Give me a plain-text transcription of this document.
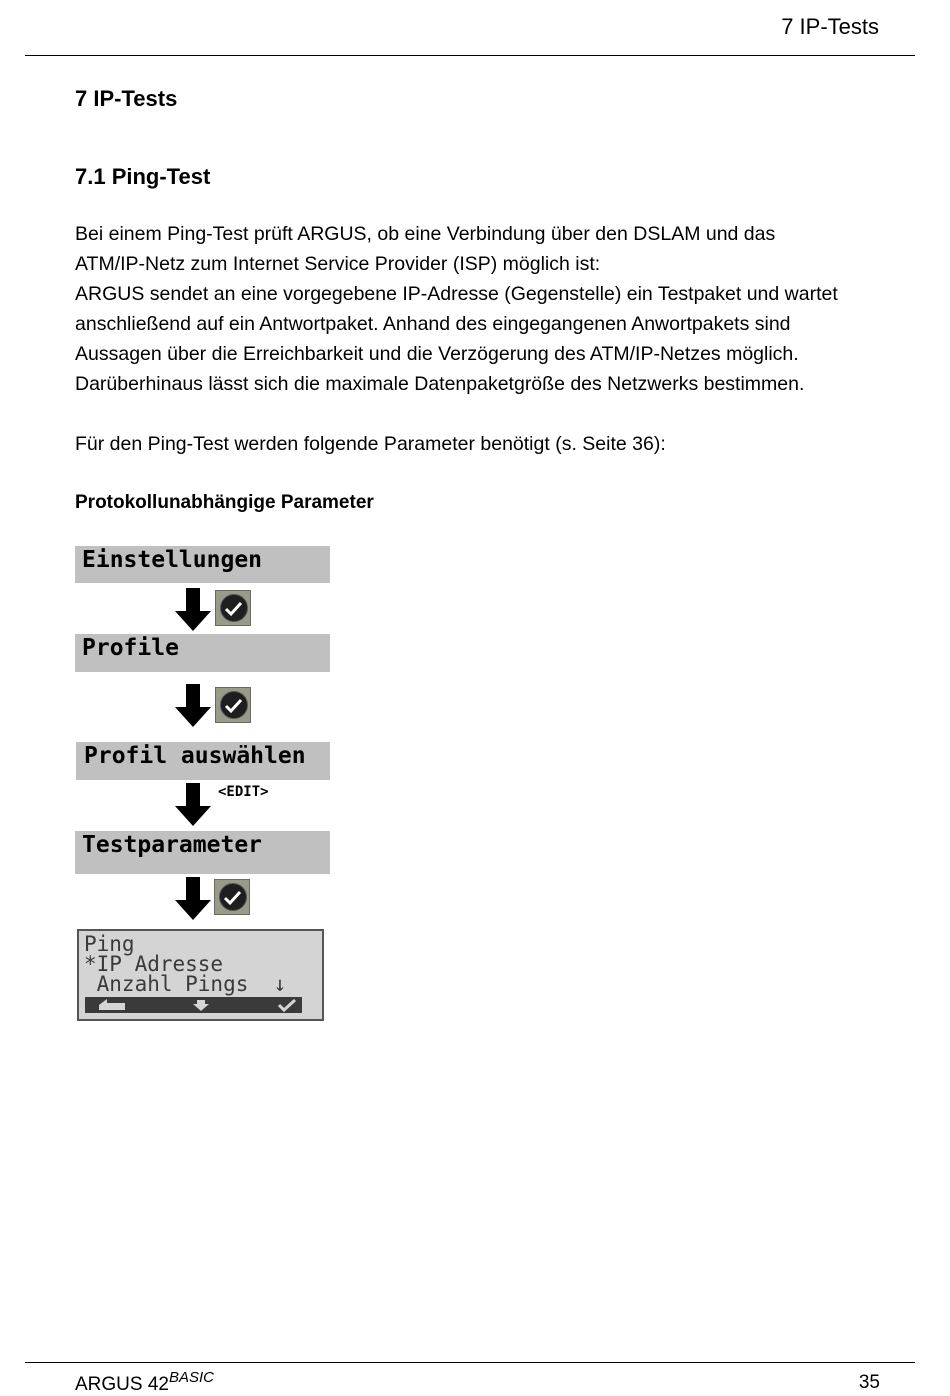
7 IP-Tests
7 IP-Tests
7.1 Ping-Test
Bei einem Ping-Test prüft ARGUS, ob eine Verbindung über den DSLAM und das
ATM/IP-Netz zum Internet Service Provider (ISP) möglich ist:
ARGUS sendet an eine vorgegebene IP-Adresse (Gegenstelle) ein Testpaket und wartet
anschließend auf ein Antwortpaket. Anhand des eingegangenen Anwortpakets sind
Aussagen über die Erreichbarkeit und die Verzögerung des ATM/IP-Netzes möglich.
Darüberhinaus lässt sich die maximale Datenpaketgröße des Netzwerks bestimmen.
Für den Ping-Test werden folgende Parameter benötigt (s. Seite 36):
Protokollunabhängige Parameter
Einstellungen
Profile
Profil auswählen
<EDIT>
Testparameter
Ping
*IP Adresse
Anzahl Pings  ↓
ARGUS $42^{BASIC}$	35
